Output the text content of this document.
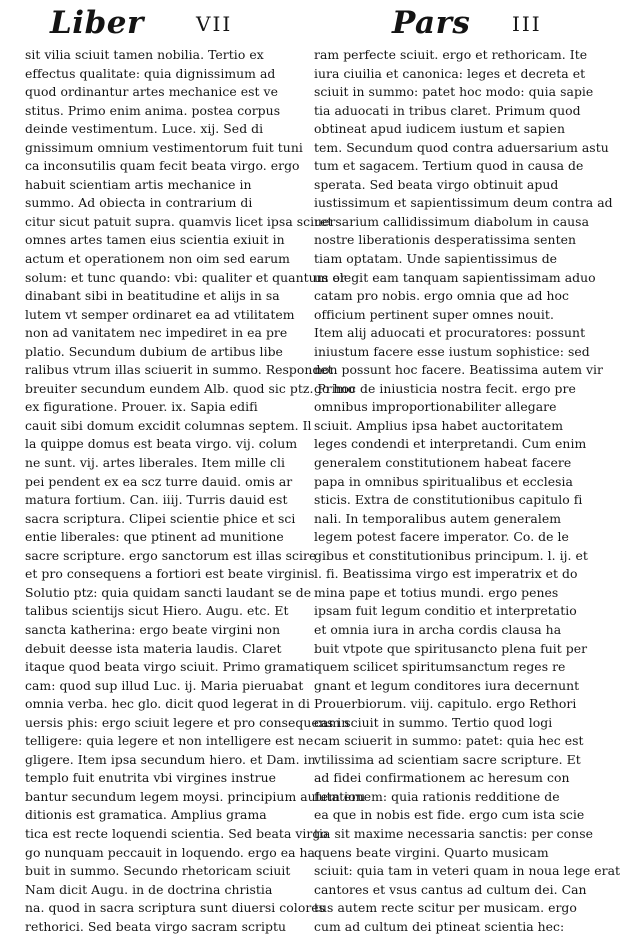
Liber	VII	Pars III
sit vilia sciuit tamen nobilia. Tertio ex
effectus qualitate: quia dignissimum ad
quod ordinantur artes mechanice est ve
stitus. Primo enim anima. postea corpus
deinde vestimentum. Luce. xij. Sed di
gnissimum omnium vestimentorum fuit tuni
ca inconsutilis quam fecit beata virgo. ergo
habuit scientiam artis mechanice in
summo. Ad obiecta in contrarium di
citur sicut patuit supra. quamvis licet ipsa sciret
omnes artes tamen eius scientia exiuit in
actum et operationem non oim sed earum
solum: et tunc quando: vbi: qualiter et quantum or
dinabant sibi in beatitudine et alijs in sa
lutem vt semper ordinaret ea ad vtilitatem
non ad vanitatem nec impediret in ea pre
platio. Secundum dubium de artibus libe
ralibus vtrum illas sciuerit in summo. Respondet
breuiter secundum eundem Alb. quod sic ptz. Primo
ex figuratione. Prouer. ix. Sapia edifi
cauit sibi domum excidit columnas septem. Il
la quippe domus est beata virgo. vij. colum
ne sunt. vij. artes liberales. Item mille cli
pei pendent ex ea scz turre dauid. omis ar
matura fortium. Can. iiij. Turris dauid est
sacra scriptura. Clipei scientie phice et sci
entie liberales: que ptinent ad munitione
sacre scripture. ergo sanctorum est illas scire
et pro consequens a fortiori est beate virginis
Solutio ptz: quia quidam sancti laudant se de
talibus scientijs sicut Hiero. Augu. etc. Et
sancta katherina: ergo beate virgini non
debuit deesse ista materia laudis. Claret
itaque quod beata virgo sciuit. Primo gramati
cam: quod sup illud Luc. ij. Maria pieruabat
omnia verba. hec glo. dicit quod legerat in di
uersis phis: ergo sciuit legere et pro consequens in
telligere: quia legere et non intelligere est ne
gligere. Item ipsa secundum hiero. et Dam. in
templo fuit enutrita vbi virgines instrue
bantur secundum legem moysi. principium autem eru
ditionis est gramatica. Amplius grama
tica est recte loquendi scientia. Sed beata virgo
go nunquam peccauit in loquendo. ergo ea ha
buit in summo. Secundo rhetoricam sciuit
Nam dicit Augu. in de doctrina christia
na. quod in sacra scriptura sunt diuersi colores
rethorici. Sed beata virgo sacram scriptu
ram perfecte sciuit. ergo et rethoricam. Ite
iura ciuilia et canonica: leges et decreta et
sciuit in summo: patet hoc modo: quia sapie
tia aduocati in tribus claret. Primum quod
obtineat apud iudicem iustum et sapien
tem. Secundum quod contra aduersarium astu
tum et sagacem. Tertium quod in causa de
sperata. Sed beata virgo obtinuit apud
iustissimum et sapientissimum deum contra ad
uersarium callidissimum diabolum in causa
nostre liberationis desperatissima senten
tiam optatam. Unde sapientissimus de
us elegit eam tanquam sapientissimam aduo
catam pro nobis. ergo omnia que ad hoc
officium pertinent super omnes nouit.
Item alij aduocati et procuratores: possunt
iniustum facere esse iustum sophistice: sed
non possunt hoc facere. Beatissima autem vir
go hoc de iniusticia nostra fecit. ergo pre
omnibus improportionabiliter allegare
sciuit. Amplius ipsa habet auctoritatem
leges condendi et interpretandi. Cum enim
generalem constitutionem habeat facere
papa in omnibus spiritualibus et ecclesia
sticis. Extra de constitutionibus capitulo fi
nali. In temporalibus autem generalem
legem potest facere imperator. Co. de le
gibus et constitutionibus principum. l. ij. et
l. fi. Beatissima virgo est imperatrix et do
mina pape et totius mundi. ergo penes
ipsam fuit legum conditio et interpretatio
et omnia iura in archa cordis clausa ha
buit vtpote que spiritusancto plena fuit per
quem scilicet spiritumsanctum reges re
gnant et legum conditores iura decernunt
Prouerbiorum. viij. capitulo. ergo Rethori
cam sciuit in summo. Tertio quod logi
cam sciuerit in summo: patet: quia hec est
vtilissima ad scientiam sacre scripture. Et
ad fidei confirmationem ac heresum con
futationem: quia rationis redditione de
ea que in nobis est fide. ergo cum ista scie
tia sit maxime necessaria sanctis: per conse
quens beate virgini. Quarto musicam
sciuit: quia tam in veteri quam in noua lege erat
cantores et vsus cantus ad cultum dei. Can
tus autem recte scitur per musicam. ergo
cum ad cultum dei ptineat scientia hec:
